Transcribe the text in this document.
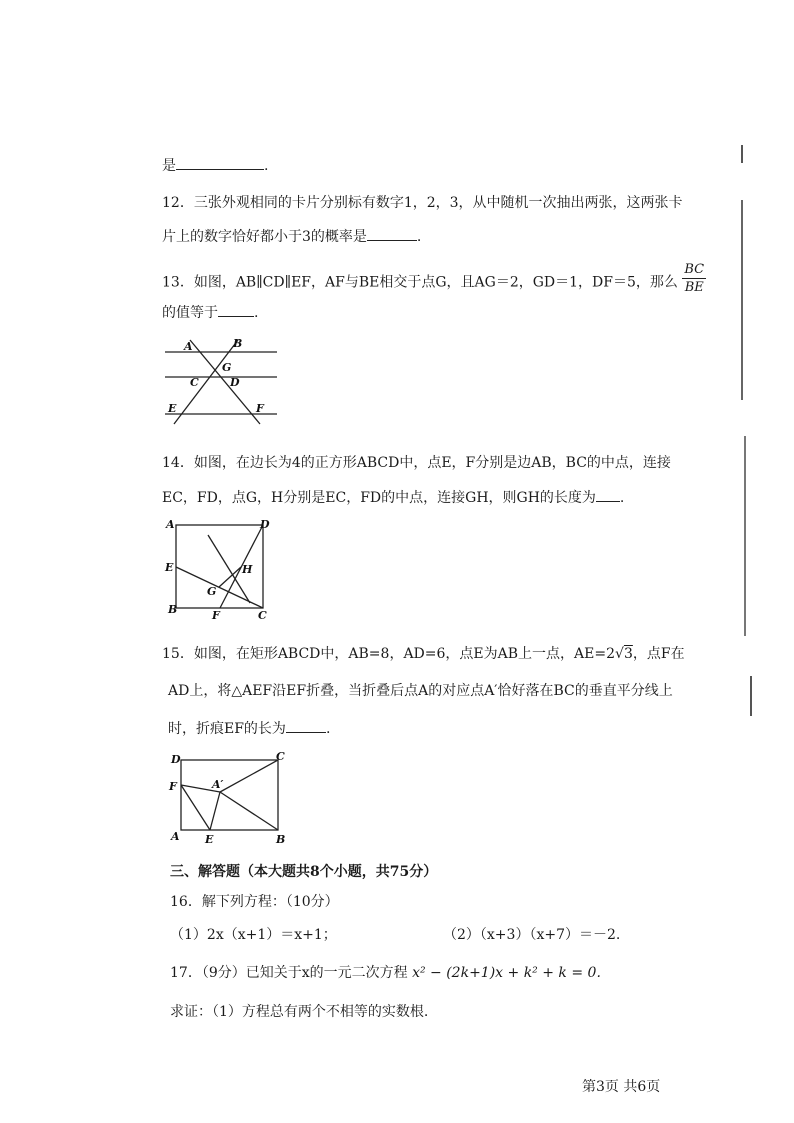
是	.
12．三张外观相同的卡片分别标有数字1，2，3，从中随机一次抽出两张，这两张卡
片上的数字恰好都小于3的概率是	.
13．如图，AB∥CD∥EF，AF与BE相交于点G，且AG＝2，GD＝1，DF＝5，那么 $\frac{BC}{BE}$
的值等于	.
A	B
C
G
D
E	F
14．如图，在边长为4的正方形ABCD中，点E，F分别是边AB，BC的中点，连接
EC，FD，点G，H分别是EC，FD的中点，连接GH，则GH的长度为 .
A	D
E	H
G
B	F	C
15．如图，在矩形ABCD中，AB=8，AD=6，点E为AB上一点，AE=2√3，点F在
AD上，将△AEF沿EF折叠，当折叠后点A的对应点A′恰好落在BC的垂直平分线上
时，折痕EF的长为	.
D	C
F	A′
A E	B
三、解答题（本大题共8个小题，共75分）
16．解下列方程：（10分）
（1）2x（x+1）＝x+1；	（2）（x+3）（x+7）＝－2.
17．（9分）已知关于x的一元二次方程 x² − (2k+1)x + k² + k = 0.
求证：（1）方程总有两个不相等的实数根.
第3页 共6页
